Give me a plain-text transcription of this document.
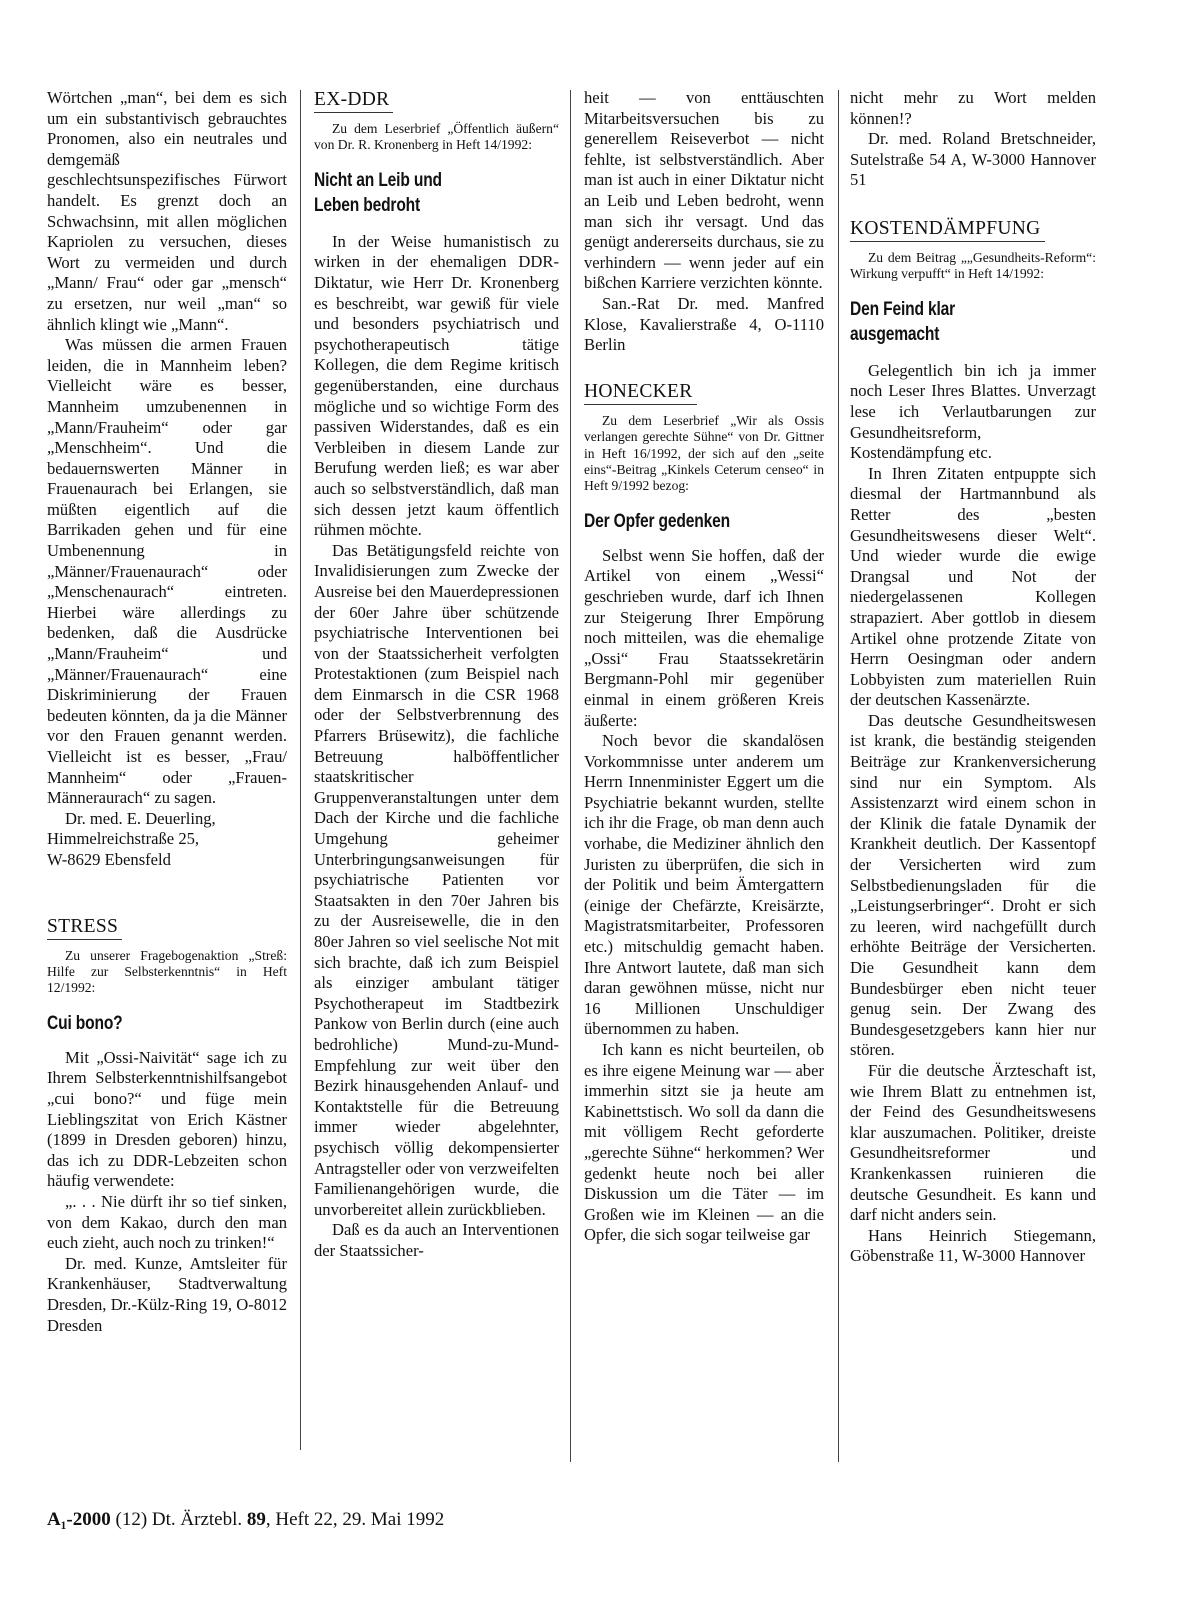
Wörtchen „man“, bei dem es sich um ein substantivisch gebrauchtes Pronomen, also ein neutrales und demgemäß geschlechtsunspezifisches Fürwort handelt. Es grenzt doch an Schwachsinn, mit allen möglichen Kapriolen zu versuchen, dieses Wort zu vermeiden und durch „Mann/ Frau“ oder gar „mensch“ zu ersetzen, nur weil „man“ so ähnlich klingt wie „Mann“.

Was müssen die armen Frauen leiden, die in Mannheim leben? Vielleicht wäre es besser, Mannheim umzubenennen in „Mann/Frauheim“ oder gar „Menschheim“. Und die bedauernswerten Männer in Frauenaurach bei Erlangen, sie müßten eigentlich auf die Barrikaden gehen und für eine Umbenennung in „Männer/Frauenaurach“ oder „Menschenaurach“ eintreten. Hierbei wäre allerdings zu bedenken, daß die Ausdrücke „Mann/Frauheim“ und „Männer/Frauenaurach“ eine Diskriminierung der Frauen bedeuten könnten, da ja die Männer vor den Frauen genannt werden. Vielleicht ist es besser, „Frau/ Mannheim“ oder „Frauen-Männeraurach“ zu sagen.

Dr. med. E. Deuerling,

Himmelreichstraße 25,

W-8629 Ebensfeld

STRESS

Zu unserer Fragebogenaktion „Streß: Hilfe zur Selbsterkenntnis“ in Heft 12/1992:

Cui bono?

Mit „Ossi-Naivität“ sage ich zu Ihrem Selbsterkenntnishilfsangebot „cui bono?“ und füge mein Lieblingszitat von Erich Kästner (1899 in Dresden geboren) hinzu, das ich zu DDR-Lebzeiten schon häufig verwendete:

„. . . Nie dürft ihr so tief sinken, von dem Kakao, durch den man euch zieht, auch noch zu trinken!“

Dr. med. Kunze, Amtsleiter für Krankenhäuser, Stadtverwaltung Dresden, Dr.-Külz-Ring 19, O-8012 Dresden

EX-DDR

Zu dem Leserbrief „Öffentlich äußern“ von Dr. R. Kronenberg in Heft 14/1992:

Nicht an Leib und
Leben bedroht

In der Weise humanistisch zu wirken in der ehemaligen DDR-Diktatur, wie Herr Dr. Kronenberg es beschreibt, war gewiß für viele und besonders psychiatrisch und psychotherapeutisch tätige Kollegen, die dem Regime kritisch gegenüberstanden, eine durchaus mögliche und so wichtige Form des passiven Widerstandes, daß es ein Verbleiben in diesem Lande zur Berufung werden ließ; es war aber auch so selbstverständlich, daß man sich dessen jetzt kaum öffentlich rühmen möchte.

Das Betätigungsfeld reichte von Invalidisierungen zum Zwecke der Ausreise bei den Mauerdepressionen der 60er Jahre über schützende psychiatrische Interventionen bei von der Staatssicherheit verfolgten Protestaktionen (zum Beispiel nach dem Einmarsch in die CSR 1968 oder der Selbstverbrennung des Pfarrers Brüsewitz), die fachliche Betreuung halböffentlicher staatskritischer Gruppenveranstaltungen unter dem Dach der Kirche und die fachliche Umgehung geheimer Unterbringungsanweisungen für psychiatrische Patienten vor Staatsakten in den 70er Jahren bis zu der Ausreisewelle, die in den 80er Jahren so viel seelische Not mit sich brachte, daß ich zum Beispiel als einziger ambulant tätiger Psychotherapeut im Stadtbezirk Pankow von Berlin durch (eine auch bedrohliche) Mund-zu-Mund-Empfehlung zur weit über den Bezirk hinausgehenden Anlauf- und Kontaktstelle für die Betreuung immer wieder abgelehnter, psychisch völlig dekompensierter Antragsteller oder von verzweifelten Familienangehörigen wurde, die unvorbereitet allein zurückblieben.

Daß es da auch an Interventionen der Staatssicher-

heit — von enttäuschten Mitarbeitsversuchen bis zu generellem Reiseverbot — nicht fehlte, ist selbstverständlich. Aber man ist auch in einer Diktatur nicht an Leib und Leben bedroht, wenn man sich ihr versagt. Und das genügt andererseits durchaus, sie zu verhindern — wenn jeder auf ein bißchen Karriere verzichten könnte.

San.-Rat Dr. med. Manfred Klose, Kavalierstraße 4, O-1110 Berlin

HONECKER

Zu dem Leserbrief „Wir als Ossis verlangen gerechte Sühne“ von Dr. Gittner in Heft 16/1992, der sich auf den „seite eins“-Beitrag „Kinkels Ceterum censeo“ in Heft 9/1992 bezog:

Der Opfer gedenken

Selbst wenn Sie hoffen, daß der Artikel von einem „Wessi“ geschrieben wurde, darf ich Ihnen zur Steigerung Ihrer Empörung noch mitteilen, was die ehemalige „Ossi“ Frau Staatssekretärin Bergmann-Pohl mir gegenüber einmal in einem größeren Kreis äußerte:

Noch bevor die skandalösen Vorkommnisse unter anderem um Herrn Innenminister Eggert um die Psychiatrie bekannt wurden, stellte ich ihr die Frage, ob man denn auch vorhabe, die Mediziner ähnlich den Juristen zu überprüfen, die sich in der Politik und beim Ämtergattern (einige der Chefärzte, Kreisärzte, Magistratsmitarbeiter, Professoren etc.) mitschuldig gemacht haben. Ihre Antwort lautete, daß man sich daran gewöhnen müsse, nicht nur 16 Millionen Unschuldiger übernommen zu haben.

Ich kann es nicht beurteilen, ob es ihre eigene Meinung war — aber immerhin sitzt sie ja heute am Kabinettstisch. Wo soll da dann die mit völligem Recht geforderte „gerechte Sühne“ herkommen? Wer gedenkt heute noch bei aller Diskussion um die Täter — im Großen wie im Kleinen — an die Opfer, die sich sogar teilweise gar

nicht mehr zu Wort melden können!?

Dr. med. Roland Bretschneider, Sutelstraße 54 A, W-3000 Hannover 51

KOSTENDÄMPFUNG

Zu dem Beitrag „„Gesundheits-Reform“: Wirkung verpufft“ in Heft 14/1992:

Den Feind klar
ausgemacht

Gelegentlich bin ich ja immer noch Leser Ihres Blattes. Unverzagt lese ich Verlautbarungen zur Gesundheitsreform, Kostendämpfung etc.

In Ihren Zitaten entpuppte sich diesmal der Hartmannbund als Retter des „besten Gesundheitswesens dieser Welt“. Und wieder wurde die ewige Drangsal und Not der niedergelassenen Kollegen strapaziert. Aber gottlob in diesem Artikel ohne protzende Zitate von Herrn Oesingman oder andern Lobbyisten zum materiellen Ruin der deutschen Kassenärzte.

Das deutsche Gesundheitswesen ist krank, die beständig steigenden Beiträge zur Krankenversicherung sind nur ein Symptom. Als Assistenzarzt wird einem schon in der Klinik die fatale Dynamik der Krankheit deutlich. Der Kassentopf der Versicherten wird zum Selbstbedienungsladen für die „Leistungserbringer“. Droht er sich zu leeren, wird nachgefüllt durch erhöhte Beiträge der Versicherten. Die Gesundheit kann dem Bundesbürger eben nicht teuer genug sein. Der Zwang des Bundesgesetzgebers kann hier nur stören.

Für die deutsche Ärzteschaft ist, wie Ihrem Blatt zu entnehmen ist, der Feind des Gesundheitswesens klar auszumachen. Politiker, dreiste Gesundheitsreformer und Krankenkassen ruinieren die deutsche Gesundheit. Es kann und darf nicht anders sein.

Hans Heinrich Stiegemann, Göbenstraße 11, W-3000 Hannover

A₁-2000 (12) Dt. Ärztebl. 89, Heft 22, 29. Mai 1992
